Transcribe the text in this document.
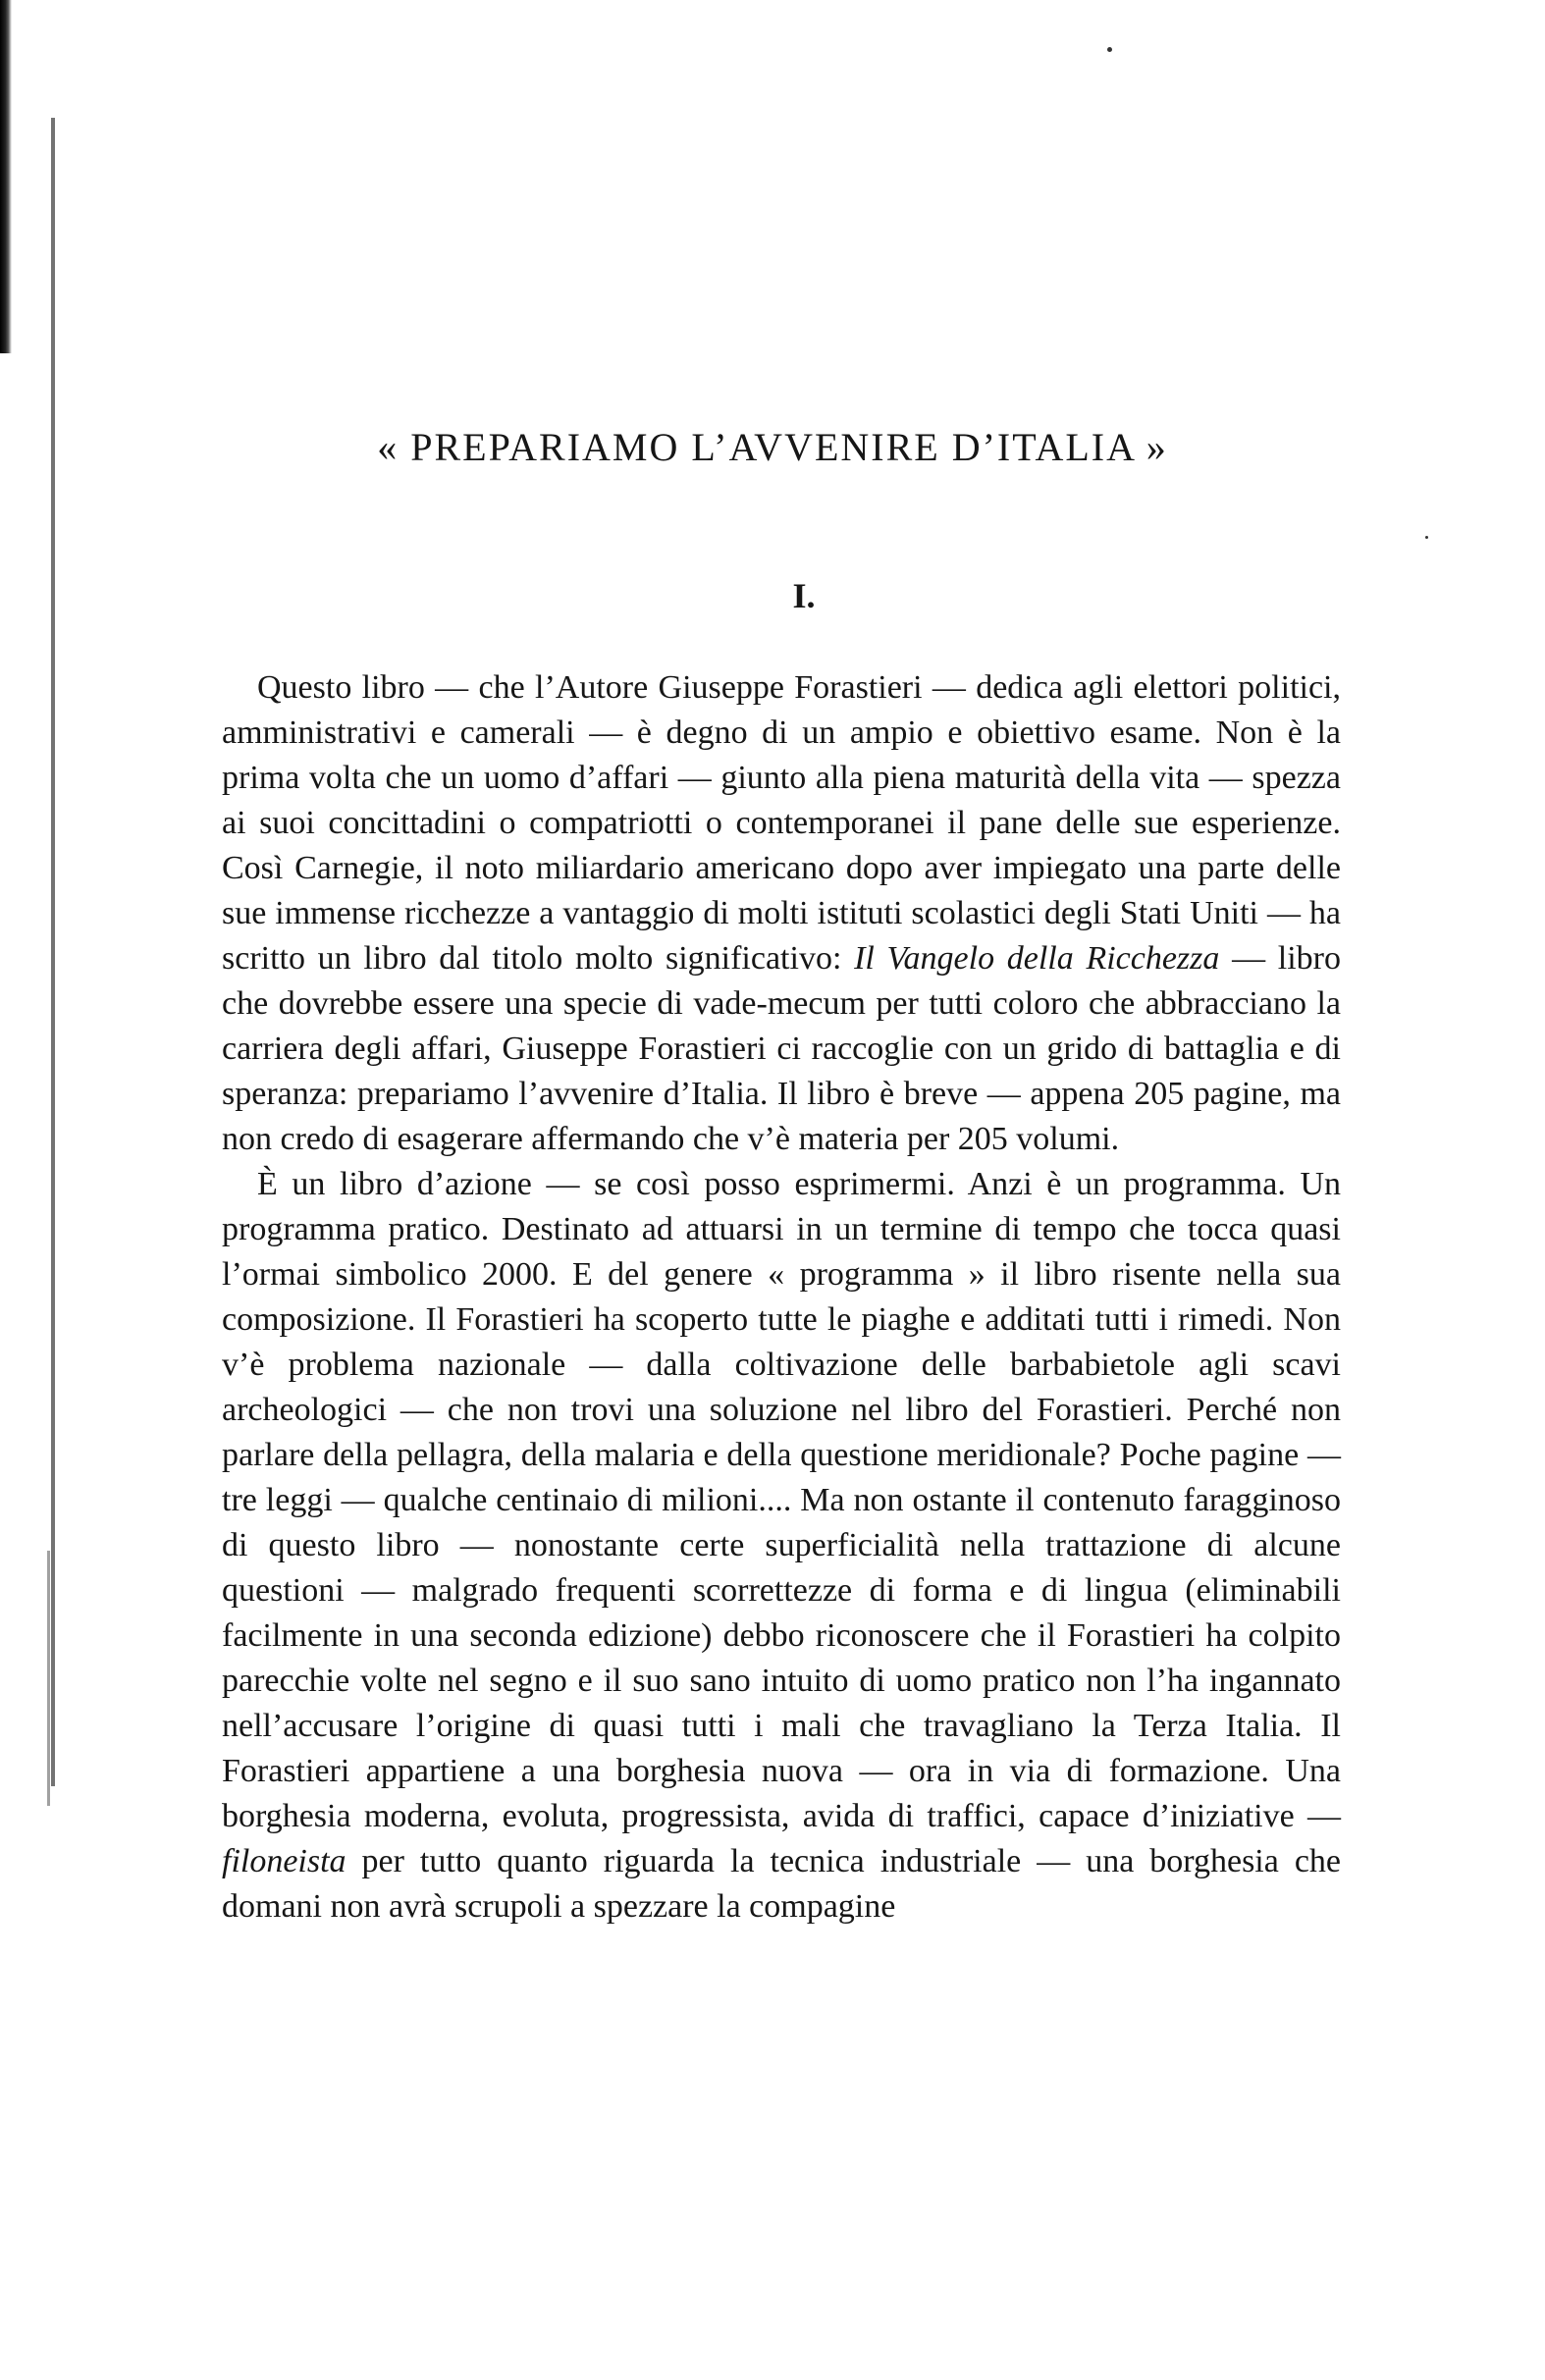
« PREPARIAMO L’AVVENIRE D’ITALIA »
I.

Questo libro — che l’Autore Giuseppe Forastieri — dedica agli elettori politici, amministrativi e camerali — è degno di un ampio e obiettivo esame. Non è la prima volta che un uomo d’affari — giunto alla piena maturità della vita — spezza ai suoi concittadini o compatriotti o contemporanei il pane delle sue esperienze. Così Carnegie, il noto miliardario americano dopo aver impiegato una parte delle sue immense ricchezze a vantaggio di molti istituti scolastici degli Stati Uniti — ha scritto un libro dal titolo molto significativo: Il Vangelo della Ricchezza — libro che dovrebbe essere una specie di vade-mecum per tutti coloro che abbracciano la carriera degli affari, Giuseppe Forastieri ci raccoglie con un grido di battaglia e di speranza: prepariamo l’avvenire d’Italia. Il libro è breve — appena 205 pagine, ma non credo di esagerare affermando che v’è materia per 205 volumi.

È un libro d’azione — se così posso esprimermi. Anzi è un programma. Un programma pratico. Destinato ad attuarsi in un termine di tempo che tocca quasi l’ormai simbolico 2000. E del genere « programma » il libro risente nella sua composizione. Il Forastieri ha scoperto tutte le piaghe e additati tutti i rimedi. Non v’è problema nazionale — dalla coltivazione delle barbabietole agli scavi archeologici — che non trovi una soluzione nel libro del Forastieri. Perché non parlare della pellagra, della malaria e della questione meridionale? Poche pagine — tre leggi — qualche centinaio di milioni.... Ma non ostante il contenuto faragginoso di questo libro — nonostante certe superficialità nella trattazione di alcune questioni — malgrado frequenti scorrettezze di forma e di lingua (eliminabili facilmente in una seconda edizione) debbo riconoscere che il Forastieri ha colpito parecchie volte nel segno e il suo sano intuito di uomo pratico non l’ha ingannato nell’accusare l’origine di quasi tutti i mali che travagliano la Terza Italia. Il Forastieri appartiene a una borghesia nuova — ora in via di formazione. Una borghesia moderna, evoluta, progressista, avida di traffici, capace d’iniziative — filoneista per tutto quanto riguarda la tecnica industriale — una borghesia che domani non avrà scrupoli a spezzare la compagine
